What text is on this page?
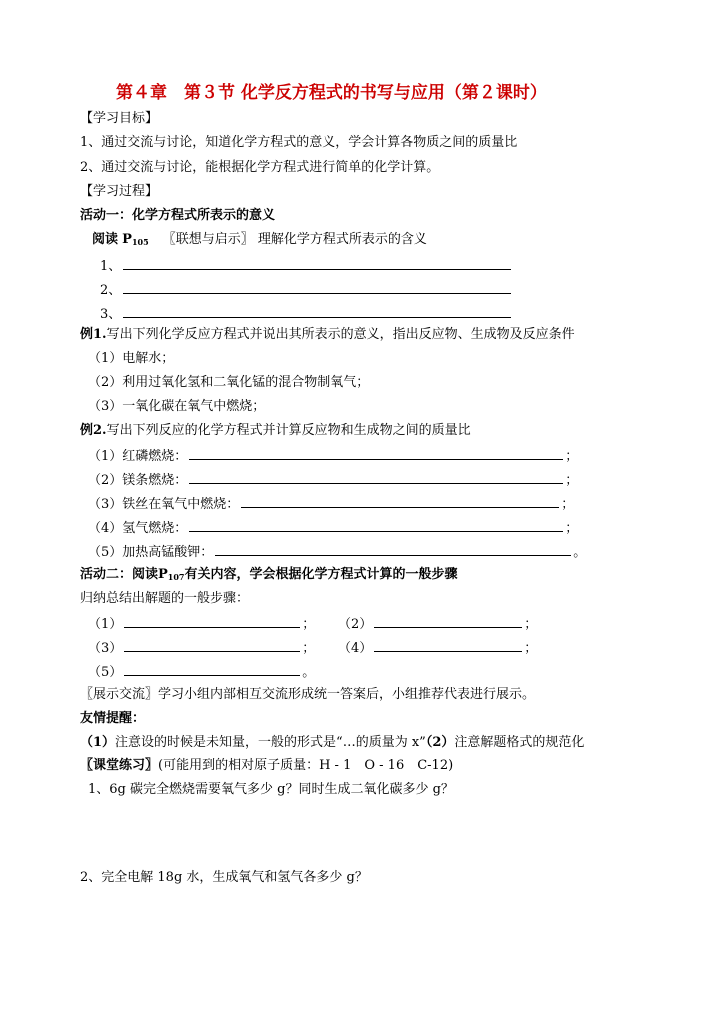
第４章　第３节 化学反方程式的书写与应用（第２课时）
【学习目标】
1、通过交流与讨论，知道化学方程式的意义，学会计算各物质之间的质量比
2、通过交流与讨论，能根据化学方程式进行简单的化学计算。
【学习过程】
活动一：化学方程式所表示的意义
阅读 $P_{105}$ 〖联想与启示〗 理解化学方程式所表示的含义
1、
2、
3、
例1.写出下列化学反应方程式并说出其所表示的意义，指出反应物、生成物及反应条件
（1）电解水；
（2）利用过氧化氢和二氧化锰的混合物制氧气；
（3）一氧化碳在氧气中燃烧；
例2.写出下列反应的化学方程式并计算反应物和生成物之间的质量比
（1）红磷燃烧：	；
（2）镁条燃烧：	；
（3）铁丝在氧气中燃烧：	；
（4）氢气燃烧：	；
（5）加热高锰酸钾：	。
活动二：阅读$P_{107}$有关内容，学会根据化学方程式计算的一般步骤
归纳总结出解题的一般步骤：
（1）	； （2）	；
（3）	； （4）	；
（5）	。
〖展示交流〗学习小组内部相互交流形成统一答案后，小组推荐代表进行展示。
友情提醒：
（1）注意设的时候是未知量，一般的形式是“…的质量为 x”（2）注意解题格式的规范化
〖课堂练习〗(可能用到的相对原子质量：H - 1　O - 16　C-12)
1、6g 碳完全燃烧需要氧气多少 g？同时生成二氧化碳多少 g？
2、完全电解 18g 水，生成氧气和氢气各多少 g？
